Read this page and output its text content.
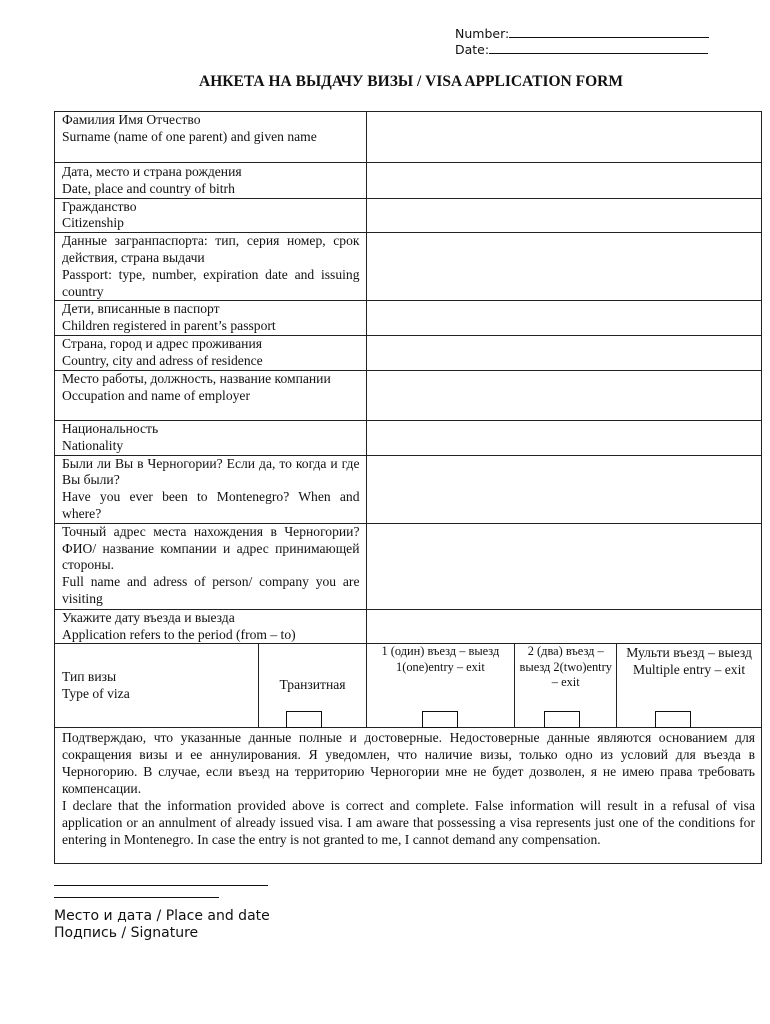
Number:
Date:
АНКЕТА НА ВЫДАЧУ ВИЗЫ / VISA APPLICATION FORM
Фамилия Имя Отчество
Surname (name of one parent) and given name				

Дата, место и страна рождения
Date, place and country of bitrh				

Гражданство
Citizenship				

Данные загранпаспорта: тип, серия номер, срок действия, страна выдачи
Passport: type, number, expiration date and issuing country				

Дети, вписанные в паспорт
Children registered in parent’s passport				

Страна, город и адрес проживания
Country, city and adress of residence				

Место работы, должность, название компании
Occupation and name of employer				

Национальность
Nationality				

Были ли Вы в Черногории? Если да, то когда и где Вы были?
Have you ever been to Montenegro? When and where?				

Точный адрес места нахождения в Черногории? ФИО/ название компании и адрес принимающей стороны.
Full name and adress of person/ company you are visiting				

Укажите дату въезда и выезда
Application refers to the period (from – to)				

Тип визы
Type of viza	Транзитная	1 (один) въезд – выезд 1(one)entry – exit	2 (два) въезд – выезд 2(two)entry – exit	Мульти въезд – выезд Multiple entry – exit

Подтверждаю, что указанные данные полные и достоверные. Недостоверные данные являются основанием для сокращения визы и ее аннулирования. Я уведомлен, что наличие визы, только одно из условий для въезда в Черногорию. В случае, если въезд на территорию Черногории мне не будет дозволен, я не имею права требовать компенсации.
I declare that the information provided above is correct and complete. False information will result in a refusal of visa application or an annulment of already issued visa. I am aware that possessing a visa represents just one of the conditions for entering in Montenegro. In case the entry is not granted to me, I cannot demand any compensation.				
Место и дата / Place and date
Подпись / Signature
